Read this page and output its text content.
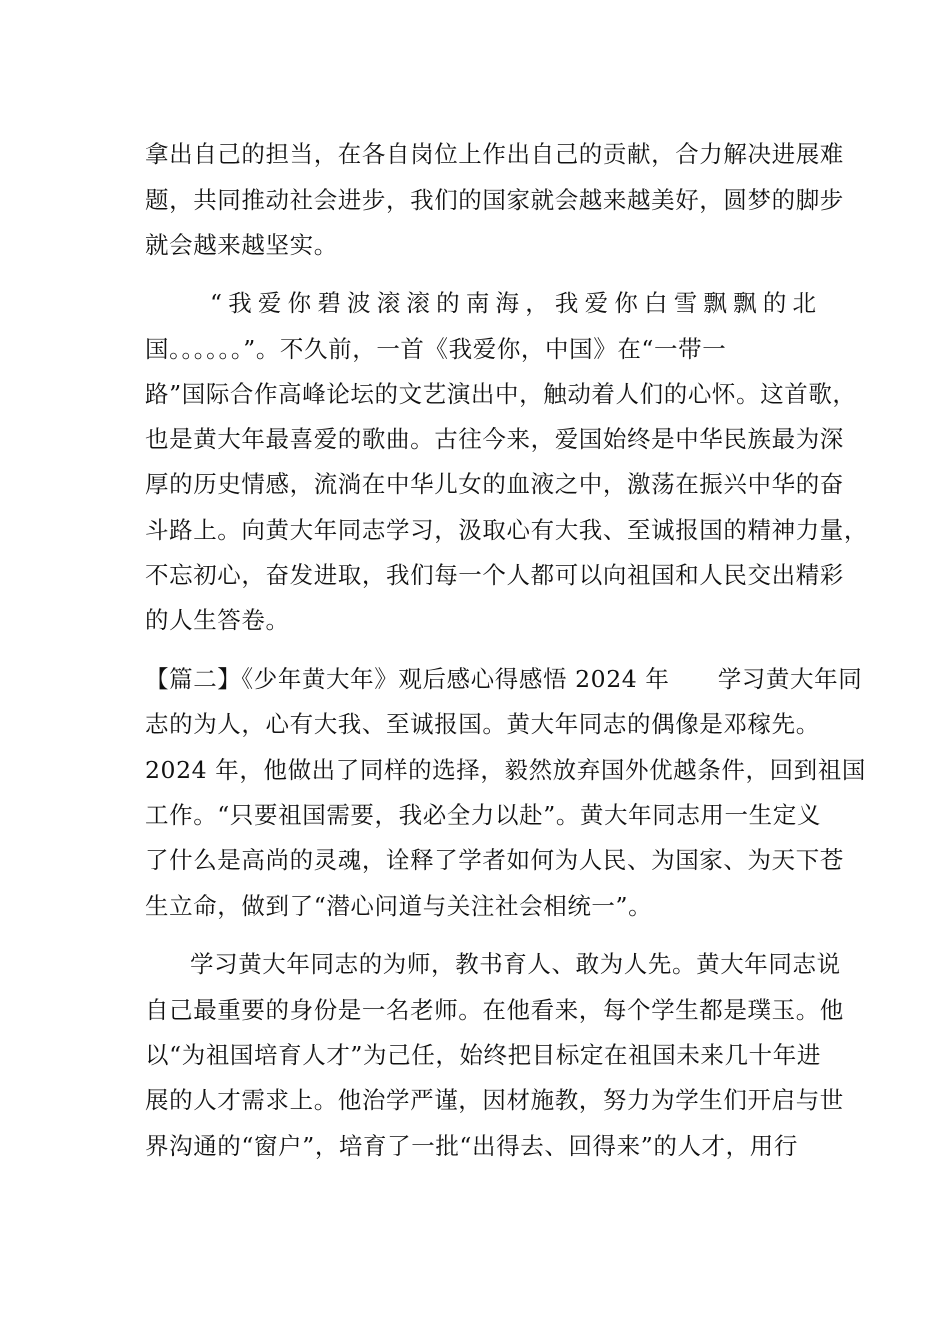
拿出自己的担当，在各自岗位上作出自己的贡献，合力解决进展难
题，共同推动社会进步，我们的国家就会越来越美好，圆梦的脚步
就会越来越坚实。
“我爱你碧波滚滚的南海，我爱你白雪飘飘的北
国。。。。。。”。不久前，一首《我爱你，中国》在“一带一
路”国际合作高峰论坛的文艺演出中，触动着人们的心怀。这首歌，
也是黄大年最喜爱的歌曲。古往今来，爱国始终是中华民族最为深
厚的历史情感，流淌在中华儿女的血液之中，激荡在振兴中华的奋
斗路上。向黄大年同志学习，汲取心有大我、至诚报国的精神力量，
不忘初心，奋发进取，我们每一个人都可以向祖国和人民交出精彩
的人生答卷。
【篇二】《少年黄大年》观后感心得感悟 2024 年　　学习黄大年同
志的为人，心有大我、至诚报国。黄大年同志的偶像是邓稼先。
2024 年，他做出了同样的选择，毅然放弃国外优越条件，回到祖国
工作。“只要祖国需要，我必全力以赴”。黄大年同志用一生定义
了什么是高尚的灵魂，诠释了学者如何为人民、为国家、为天下苍
生立命，做到了“潜心问道与关注社会相统一”。
学习黄大年同志的为师，教书育人、敢为人先。黄大年同志说
自己最重要的身份是一名老师。在他看来，每个学生都是璞玉。他
以“为祖国培育人才”为己任，始终把目标定在祖国未来几十年进
展的人才需求上。他治学严谨，因材施教，努力为学生们开启与世
界沟通的“窗户”，培育了一批“出得去、回得来”的人才，用行
